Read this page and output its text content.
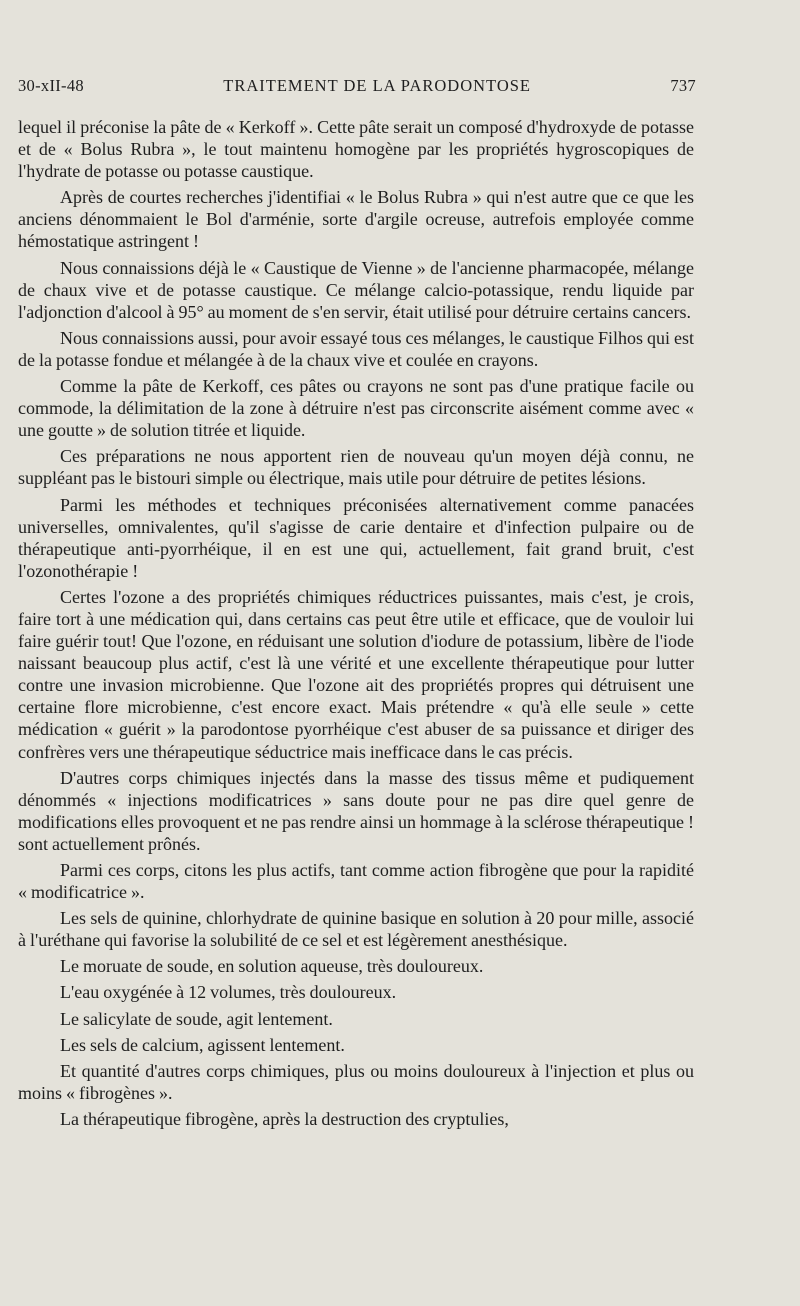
30-xII-48	TRAITEMENT DE LA PARODONTOSE	737

lequel il préconise la pâte de « Kerkoff ». Cette pâte serait un composé d'hydroxyde de potasse et de « Bolus Rubra », le tout maintenu homogène par les propriétés hygroscopiques de l'hydrate de potasse ou potasse caustique.

Après de courtes recherches j'identifiai « le Bolus Rubra » qui n'est autre que ce que les anciens dénommaient le Bol d'arménie, sorte d'argile ocreuse, autrefois employée comme hémostatique astringent !

Nous connaissions déjà le « Caustique de Vienne » de l'ancienne pharmacopée, mélange de chaux vive et de potasse caustique. Ce mélange calcio-potassique, rendu liquide par l'adjonction d'alcool à 95° au moment de s'en servir, était utilisé pour détruire certains cancers.

Nous connaissions aussi, pour avoir essayé tous ces mélanges, le caustique Filhos qui est de la potasse fondue et mélangée à de la chaux vive et coulée en crayons.

Comme la pâte de Kerkoff, ces pâtes ou crayons ne sont pas d'une pratique facile ou commode, la délimitation de la zone à détruire n'est pas circonscrite aisément comme avec « une goutte » de solution titrée et liquide.

Ces préparations ne nous apportent rien de nouveau qu'un moyen déjà connu, ne suppléant pas le bistouri simple ou électrique, mais utile pour détruire de petites lésions.

Parmi les méthodes et techniques préconisées alternativement comme panacées universelles, omnivalentes, qu'il s'agisse de carie dentaire et d'infection pulpaire ou de thérapeutique anti-pyorrhéique, il en est une qui, actuellement, fait grand bruit, c'est l'ozonothérapie !

Certes l'ozone a des propriétés chimiques réductrices puissantes, mais c'est, je crois, faire tort à une médication qui, dans certains cas peut être utile et efficace, que de vouloir lui faire guérir tout! Que l'ozone, en réduisant une solution d'iodure de potassium, libère de l'iode naissant beaucoup plus actif, c'est là une vérité et une excellente thérapeutique pour lutter contre une invasion microbienne. Que l'ozone ait des propriétés propres qui détruisent une certaine flore microbienne, c'est encore exact. Mais prétendre « qu'à elle seule » cette médication « guérit » la parodontose pyorrhéique c'est abuser de sa puissance et diriger des confrères vers une thérapeutique séductrice mais inefficace dans le cas précis.

D'autres corps chimiques injectés dans la masse des tissus même et pudiquement dénommés « injections modificatrices » sans doute pour ne pas dire quel genre de modifications elles provoquent et ne pas rendre ainsi un hommage à la sclérose thérapeutique ! sont actuellement prônés.

Parmi ces corps, citons les plus actifs, tant comme action fibrogène que pour la rapidité « modificatrice ».

Les sels de quinine, chlorhydrate de quinine basique en solution à 20 pour mille, associé à l'uréthane qui favorise la solubilité de ce sel et est légèrement anesthésique.

Le moruate de soude, en solution aqueuse, très douloureux.

L'eau oxygénée à 12 volumes, très douloureux.

Le salicylate de soude, agit lentement.

Les sels de calcium, agissent lentement.

Et quantité d'autres corps chimiques, plus ou moins douloureux à l'injection et plus ou moins « fibrogènes ».

La thérapeutique fibrogène, après la destruction des cryptulies,
